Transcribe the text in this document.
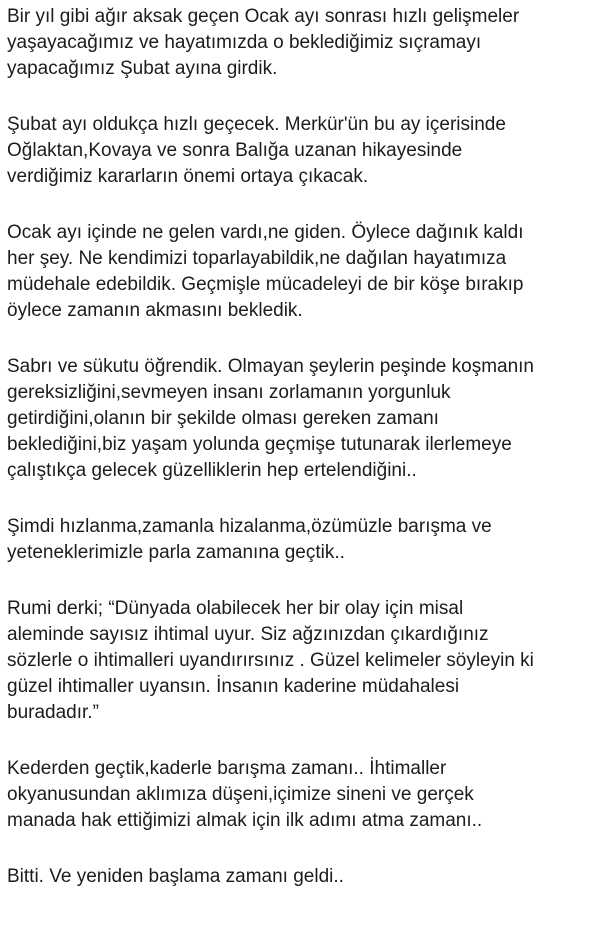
Bir yıl gibi ağır aksak geçen Ocak ayı sonrası hızlı gelişmeler
yaşayacağımız ve hayatımızda o beklediğimiz sıçramayı
yapacağımız Şubat ayına girdik.

Şubat ayı oldukça hızlı geçecek. Merkür'ün bu ay içerisinde
Oğlaktan,Kovaya ve sonra Balığa uzanan hikayesinde
verdiğimiz kararların önemi ortaya çıkacak.

Ocak ayı içinde ne gelen vardı,ne giden. Öylece dağınık kaldı
her şey. Ne kendimizi toparlayabildik,ne dağılan hayatımıza
müdehale edebildik. Geçmişle mücadeleyi de bir köşe bırakıp
öylece zamanın akmasını bekledik.

Sabrı ve sükutu öğrendik. Olmayan şeylerin peşinde koşmanın
gereksizliğini,sevmeyen insanı zorlamanın yorgunluk
getirdiğini,olanın bir şekilde olması gereken zamanı
beklediğini,biz yaşam yolunda geçmişe tutunarak ilerlemeye
çalıştıkça gelecek güzelliklerin hep ertelendiğini..

Şimdi hızlanma,zamanla hizalanma,özümüzle barışma ve
yeteneklerimizle parla zamanına geçtik..

Rumi derki; “Dünyada olabilecek her bir olay için misal
aleminde sayısız ihtimal uyur. Siz ağzınızdan çıkardığınız
sözlerle o ihtimalleri uyandırırsınız . Güzel kelimeler söyleyin ki
güzel ihtimaller uyansın. İnsanın kaderine müdahalesi
buradadır.”

Kederden geçtik,kaderle barışma zamanı.. İhtimaller
okyanusundan aklımıza düşeni,içimize sineni ve gerçek
manada hak ettiğimizi almak için ilk adımı atma zamanı..

Bitti. Ve yeniden başlama zamanı geldi..
